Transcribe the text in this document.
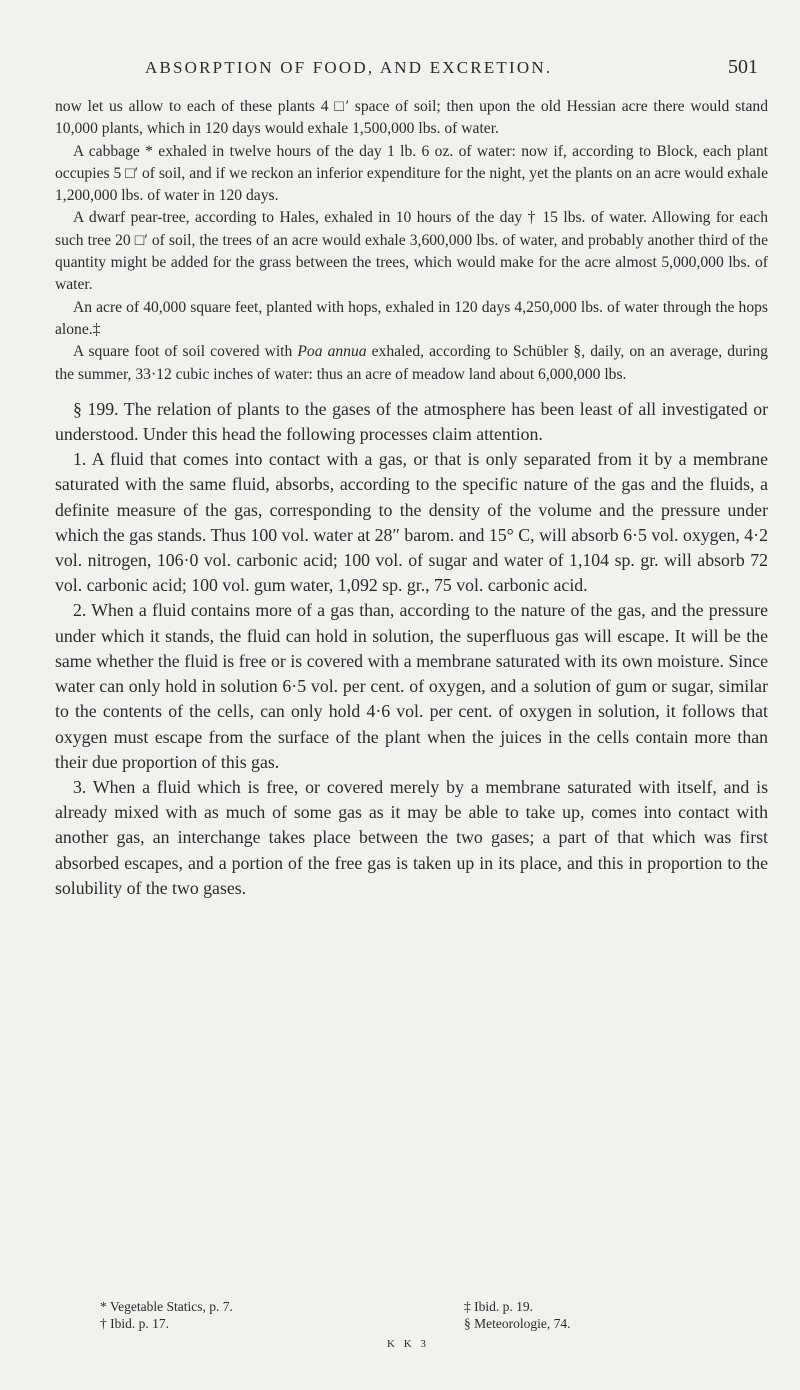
ABSORPTION OF FOOD, AND EXCRETION.	501

now let us allow to each of these plants 4 □′ space of soil; then upon the old Hessian acre there would stand 10,000 plants, which in 120 days would exhale 1,500,000 lbs. of water.

A cabbage * exhaled in twelve hours of the day 1 lb. 6 oz. of water: now if, according to Block, each plant occupies 5 □′ of soil, and if we reckon an inferior expenditure for the night, yet the plants on an acre would exhale 1,200,000 lbs. of water in 120 days.

A dwarf pear-tree, according to Hales, exhaled in 10 hours of the day † 15 lbs. of water. Allowing for each such tree 20 □′ of soil, the trees of an acre would exhale 3,600,000 lbs. of water, and probably another third of the quantity might be added for the grass between the trees, which would make for the acre almost 5,000,000 lbs. of water.

An acre of 40,000 square feet, planted with hops, exhaled in 120 days 4,250,000 lbs. of water through the hops alone.‡

A square foot of soil covered with Poa annua exhaled, according to Schübler §, daily, on an average, during the summer, 33·12 cubic inches of water: thus an acre of meadow land about 6,000,000 lbs.

§ 199. The relation of plants to the gases of the atmosphere has been least of all investigated or understood. Under this head the following processes claim attention.

1. A fluid that comes into contact with a gas, or that is only separated from it by a membrane saturated with the same fluid, absorbs, according to the specific nature of the gas and the fluids, a definite measure of the gas, corresponding to the density of the volume and the pressure under which the gas stands. Thus 100 vol. water at 28″ barom. and 15° C, will absorb 6·5 vol. oxygen, 4·2 vol. nitrogen, 106·0 vol. carbonic acid; 100 vol. of sugar and water of 1,104 sp. gr. will absorb 72 vol. carbonic acid; 100 vol. gum water, 1,092 sp. gr., 75 vol. carbonic acid.

2. When a fluid contains more of a gas than, according to the nature of the gas, and the pressure under which it stands, the fluid can hold in solution, the superfluous gas will escape. It will be the same whether the fluid is free or is covered with a membrane saturated with its own moisture. Since water can only hold in solution 6·5 vol. per cent. of oxygen, and a solution of gum or sugar, similar to the contents of the cells, can only hold 4·6 vol. per cent. of oxygen in solution, it follows that oxygen must escape from the surface of the plant when the juices in the cells contain more than their due proportion of this gas.

3. When a fluid which is free, or covered merely by a membrane saturated with itself, and is already mixed with as much of some gas as it may be able to take up, comes into contact with another gas, an interchange takes place between the two gases; a part of that which was first absorbed escapes, and a portion of the free gas is taken up in its place, and this in proportion to the solubility of the two gases.

* Vegetable Statics, p. 7.
† Ibid. p. 17.
‡ Ibid. p. 19.
§ Meteorologie, 74.
K K 3
